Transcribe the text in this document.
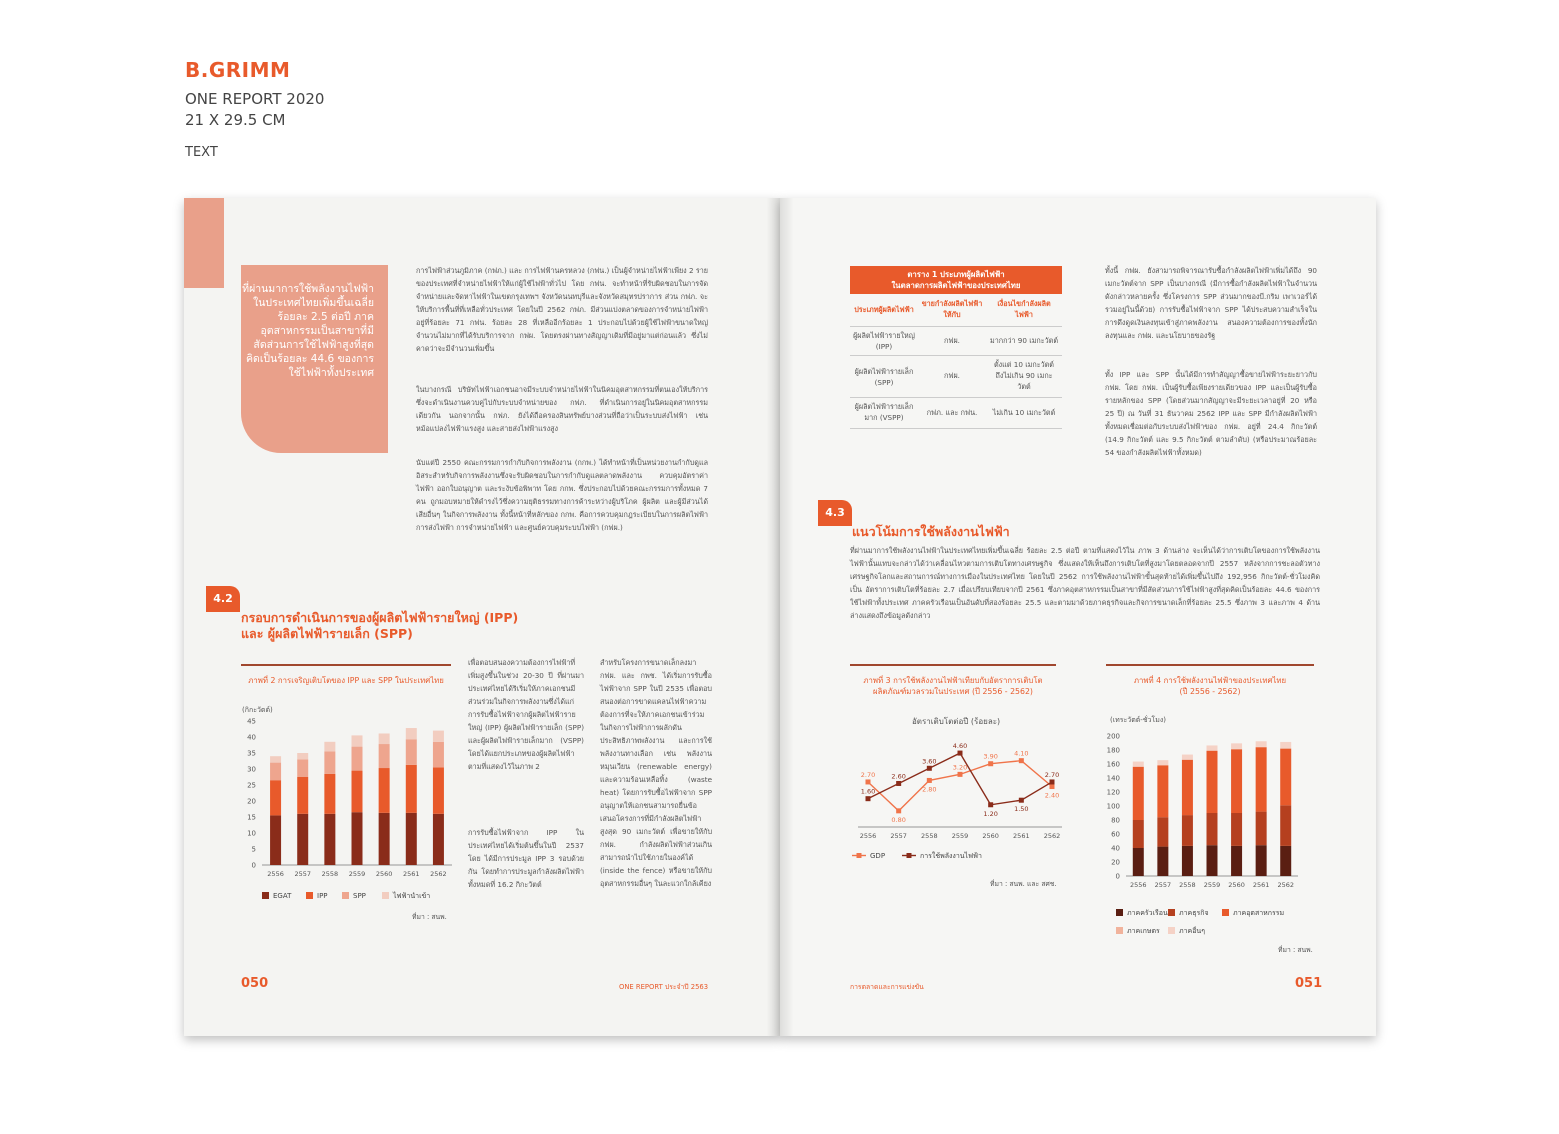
B.GRIMM
ONE REPORT 2020
21 X 29.5 CM
TEXT
ที่ผ่านมาการใช้พลังงานไฟฟ้าในประเทศไทยเพิ่มขึ้นเฉลี่ยร้อยละ 2.5 ต่อปี ภาคอุตสาหกรรมเป็นสาขาที่มีสัดส่วนการใช้ไฟฟ้าสูงที่สุดคิดเป็นร้อยละ 44.6 ของการใช้ไฟฟ้าทั้งประเทศ
การไฟฟ้าส่วนภูมิภาค (กฟภ.) และ การไฟฟ้านครหลวง (กฟน.) เป็นผู้จำหน่ายไฟฟ้าเพียง 2 รายของประเทศที่จำหน่ายไฟฟ้าให้แก่ผู้ใช้ไฟฟ้าทั่วไป โดย กฟน. จะทำหน้าที่รับผิดชอบในการจัดจำหน่ายและจัดหาไฟฟ้าในเขตกรุงเทพฯ จังหวัดนนทบุรีและจังหวัดสมุทรปราการ ส่วน กฟภ. จะให้บริการพื้นที่ที่เหลือทั่วประเทศ โดยในปี 2562 กฟภ. มีส่วนแบ่งตลาดของการจำหน่ายไฟฟ้าอยู่ที่ร้อยละ 71 กฟน. ร้อยละ 28 ที่เหลืออีกร้อยละ 1 ประกอบไปด้วยผู้ใช้ไฟฟ้าขนาดใหญ่จำนวนไม่มากที่ได้รับบริการจาก กฟผ. โดยตรงผ่านทางสัญญาเดิมที่มีอยู่มาแต่ก่อนแล้ว ซึ่งไม่คาดว่าจะมีจำนวนเพิ่มขึ้น
ในบางกรณี บริษัทไฟฟ้าเอกชนอาจมีระบบจำหน่ายไฟฟ้าในนิคมอุตสาหกรรมที่ตนเองให้บริการ ซึ่งจะดำเนินงานควบคู่ไปกับระบบจำหน่ายของ กฟภ. ที่ดำเนินการอยู่ในนิคมอุตสาหกรรมเดียวกัน นอกจากนั้น กฟภ. ยังได้ถือครองสินทรัพย์บางส่วนที่ถือว่าเป็นระบบส่งไฟฟ้า เช่น หม้อแปลงไฟฟ้าแรงสูง และสายส่งไฟฟ้าแรงสูง
นับแต่ปี 2550 คณะกรรมการกำกับกิจการพลังงาน (กกพ.) ได้ทำหน้าที่เป็นหน่วยงานกำกับดูแลอิสระสำหรับกิจการพลังงานซึ่งจะรับผิดชอบในการกำกับดูแลตลาดพลังงาน ควบคุมอัตราค่าไฟฟ้า ออกใบอนุญาต และระงับข้อพิพาท โดย กกพ. ซึ่งประกอบไปด้วยคณะกรรมการทั้งหมด 7 คน ถูกมอบหมายให้ดำรงไว้ซึ่งความยุติธรรมทางการค้าระหว่างผู้บริโภค ผู้ผลิต และผู้มีส่วนได้เสียอื่นๆ ในกิจการพลังงาน ทั้งนี้หน้าที่หลักของ กกพ. คือการควบคุมกฎระเบียบในการผลิตไฟฟ้า การส่งไฟฟ้า การจำหน่ายไฟฟ้า และศูนย์ควบคุมระบบไฟฟ้า (กฟผ.)
4.2
กรอบการดำเนินการของผู้ผลิตไฟฟ้ารายใหญ่ (IPP)
และ ผู้ผลิตไฟฟ้ารายเล็ก (SPP)
ภาพที่ 2 การเจริญเติบโตของ IPP และ SPP ในประเทศไทย
(กิกะวัตต์)
0
5
10
15
20
25
30
35
40
45
2556 2557 2558 2559 2560 2561 2562
EGAT	IPP	SPP	ไฟฟ้านำเข้า
ที่มา : สนพ.
เพื่อตอบสนองความต้องการไฟฟ้าที่เพิ่มสูงขึ้นในช่วง 20-30 ปี ที่ผ่านมา ประเทศไทยได้ริเริ่มให้ภาคเอกชนมีส่วนร่วมในกิจการพลังงานซึ่งได้แก่การรับซื้อไฟฟ้าจากผู้ผลิตไฟฟ้ารายใหญ่ (IPP) ผู้ผลิตไฟฟ้ารายเล็ก (SPP) และผู้ผลิตไฟฟ้ารายเล็กมาก (VSPP) โดยได้แยกประเภทของผู้ผลิตไฟฟ้า ตามที่แสดงไว้ในภาพ 2
การรับซื้อไฟฟ้าจาก IPP ในประเทศไทยได้เริ่มต้นขึ้นในปี 2537 โดย ได้มีการประมูล IPP 3 รอบด้วยกัน โดยทำการประมูลกำลังผลิตไฟฟ้าทั้งหมดที่ 16.2 กิกะวัตต์
สำหรับโครงการขนาดเล็กลงมา กฟผ. และ กพช. ได้เริ่มการรับซื้อไฟฟ้าจาก SPP ในปี 2535 เพื่อตอบสนองต่อการขาดแคลนไฟฟ้าความต้องการที่จะให้ภาคเอกชนเข้าร่วมในกิจการไฟฟ้าการผลักดันประสิทธิภาพพลังงาน และการใช้พลังงานทางเลือก เช่น พลังงานหมุนเวียน (renewable energy) และความร้อนเหลือทิ้ง (waste heat) โดยการรับซื้อไฟฟ้าจาก SPP อนุญาตให้เอกชนสามารถยื่นข้อเสนอโครงการที่มีกำลังผลิตไฟฟ้าสูงสุด 90 เมกะวัตต์ เพื่อขายให้กับ กฟผ. กำลังผลิตไฟฟ้าส่วนเกินสามารถนำไปใช้ภายในองค์ได้ (inside the fence) หรือขายให้กับอุตสาหกรรมอื่นๆ ในละแวกใกล้เคียง
050	ONE REPORT ประจำปี 2563
ตาราง 1 ประเภทผู้ผลิตไฟฟ้า
ในตลาดการผลิตไฟฟ้าของประเทศไทย
ประเภทผู้ผลิตไฟฟ้า	ขายกำลังผลิตไฟฟ้าให้กับ	เงื่อนไขกำลังผลิตไฟฟ้า
ผู้ผลิตไฟฟ้ารายใหญ่ (IPP)	กฟผ.	มากกว่า 90 เมกะวัตต์
ผู้ผลิตไฟฟ้ารายเล็ก (SPP)	กฟผ.	ตั้งแต่ 10 เมกะวัตต์ ถึงไม่เกิน 90 เมกะวัตต์
ผู้ผลิตไฟฟ้ารายเล็กมาก (VSPP)	กฟภ. และ กฟน.	ไม่เกิน 10 เมกะวัตต์
ทั้งนี้ กฟผ. ยังสามารถพิจารณารับซื้อกำลังผลิตไฟฟ้าเพิ่มได้ถึง 90 เมกะวัตต์จาก SPP เป็นบางกรณี (มีการซื้อกำลังผลิตไฟฟ้าในจำนวน ดังกล่าวหลายครั้ง ซึ่งโครงการ SPP ส่วนมากของบี.กริม เพาเวอร์ได้รวมอยู่ในนี้ด้วย) การรับซื้อไฟฟ้าจาก SPP ได้ประสบความสำเร็จในการดึงดูดเงินลงทุนเข้าสู่ภาคพลังงาน สนองความต้องการของทั้งนักลงทุนและ กฟผ. และนโยบายของรัฐ
ทั้ง IPP และ SPP นั้นได้มีการทำสัญญาซื้อขายไฟฟ้าระยะยาวกับ กฟผ. โดย กฟผ. เป็นผู้รับซื้อเพียงรายเดียวของ IPP และเป็นผู้รับซื้อรายหลักของ SPP (โดยส่วนมากสัญญาจะมีระยะเวลาอยู่ที่ 20 หรือ 25 ปี) ณ วันที่ 31 ธันวาคม 2562 IPP และ SPP มีกำลังผลิตไฟฟ้าทั้งหมดเชื่อมต่อกับระบบส่งไฟฟ้าของ กฟผ. อยู่ที่ 24.4 กิกะวัตต์ (14.9 กิกะวัตต์ และ 9.5 กิกะวัตต์ ตามลำดับ) (หรือประมาณร้อยละ 54 ของกำลังผลิตไฟฟ้าทั้งหมด)
4.3
แนวโน้มการใช้พลังงานไฟฟ้า
ที่ผ่านมาการใช้พลังงานไฟฟ้าในประเทศไทยเพิ่มขึ้นเฉลี่ย ร้อยละ 2.5 ต่อปี ตามที่แสดงไว้ใน ภาพ 3 ด้านล่าง จะเห็นได้ว่าการเติบโตของการใช้พลังงานไฟฟ้านั้นแทบจะกล่าวได้ว่าเคลื่อนไหวตามการเติบโตทางเศรษฐกิจ ซึ่งแสดงให้เห็นถึงการเติบโตที่สูงมาโดยตลอดจากปี 2557 หลังจากการชะลอตัวทางเศรษฐกิจโลกและสถานการณ์ทางการเมืองในประเทศไทย โดยในปี 2562 การใช้พลังงานไฟฟ้าขั้นสุดท้ายได้เพิ่มขึ้นไปถึง 192,956 กิกะวัตต์-ชั่วโมงคิดเป็น อัตราการเติบโตที่ร้อยละ 2.7 เมื่อเปรียบเทียบจากปี 2561 ซึ่งภาคอุตสาหกรรมเป็นสาขาที่มีสัดส่วนการใช้ไฟฟ้าสูงที่สุดคิดเป็นร้อยละ 44.6 ของการใช้ไฟฟ้าทั้งประเทศ ภาคครัวเรือนเป็นอันดับที่สองร้อยละ 25.5 และตามมาด้วยภาคธุรกิจและกิจการขนาดเล็กที่ร้อยละ 25.5 ซึ่งภาพ 3 และภาพ 4 ด้านล่างแสดงถึงข้อมูลดังกล่าว
ภาพที่ 3 การใช้พลังงานไฟฟ้าเทียบกับอัตราการเติบโต
ผลิตภัณฑ์มวลรวมในประเทศ (ปี 2556 - 2562)
อัตราเติบโตต่อปี (ร้อยละ)
2.70
0.80
2.80
3.20
3.90 4.10
2.40
1.60
2.60
3.60
4.60
1.20
1.50
2.70
2556 2557 2558 2559 2560 2561 2562
GDP	การใช้พลังงานไฟฟ้า
ที่มา : สนพ. และ สศช.
ภาพที่ 4 การใช้พลังงานไฟฟ้าของประเทศไทย
(ปี 2556 - 2562)
(เทระวัตต์-ชั่วโมง)
0
20
40
60
80
100
120
140
160
180
200
2556 2557 2558 2559 2560 2561 2562
ภาคครัวเรือน ภาคธุรกิจ	ภาคอุตสาหกรรม
ภาคเกษตร	ภาคอื่นๆ
ที่มา : สนพ.
การตลาดและการแข่งขัน	051
